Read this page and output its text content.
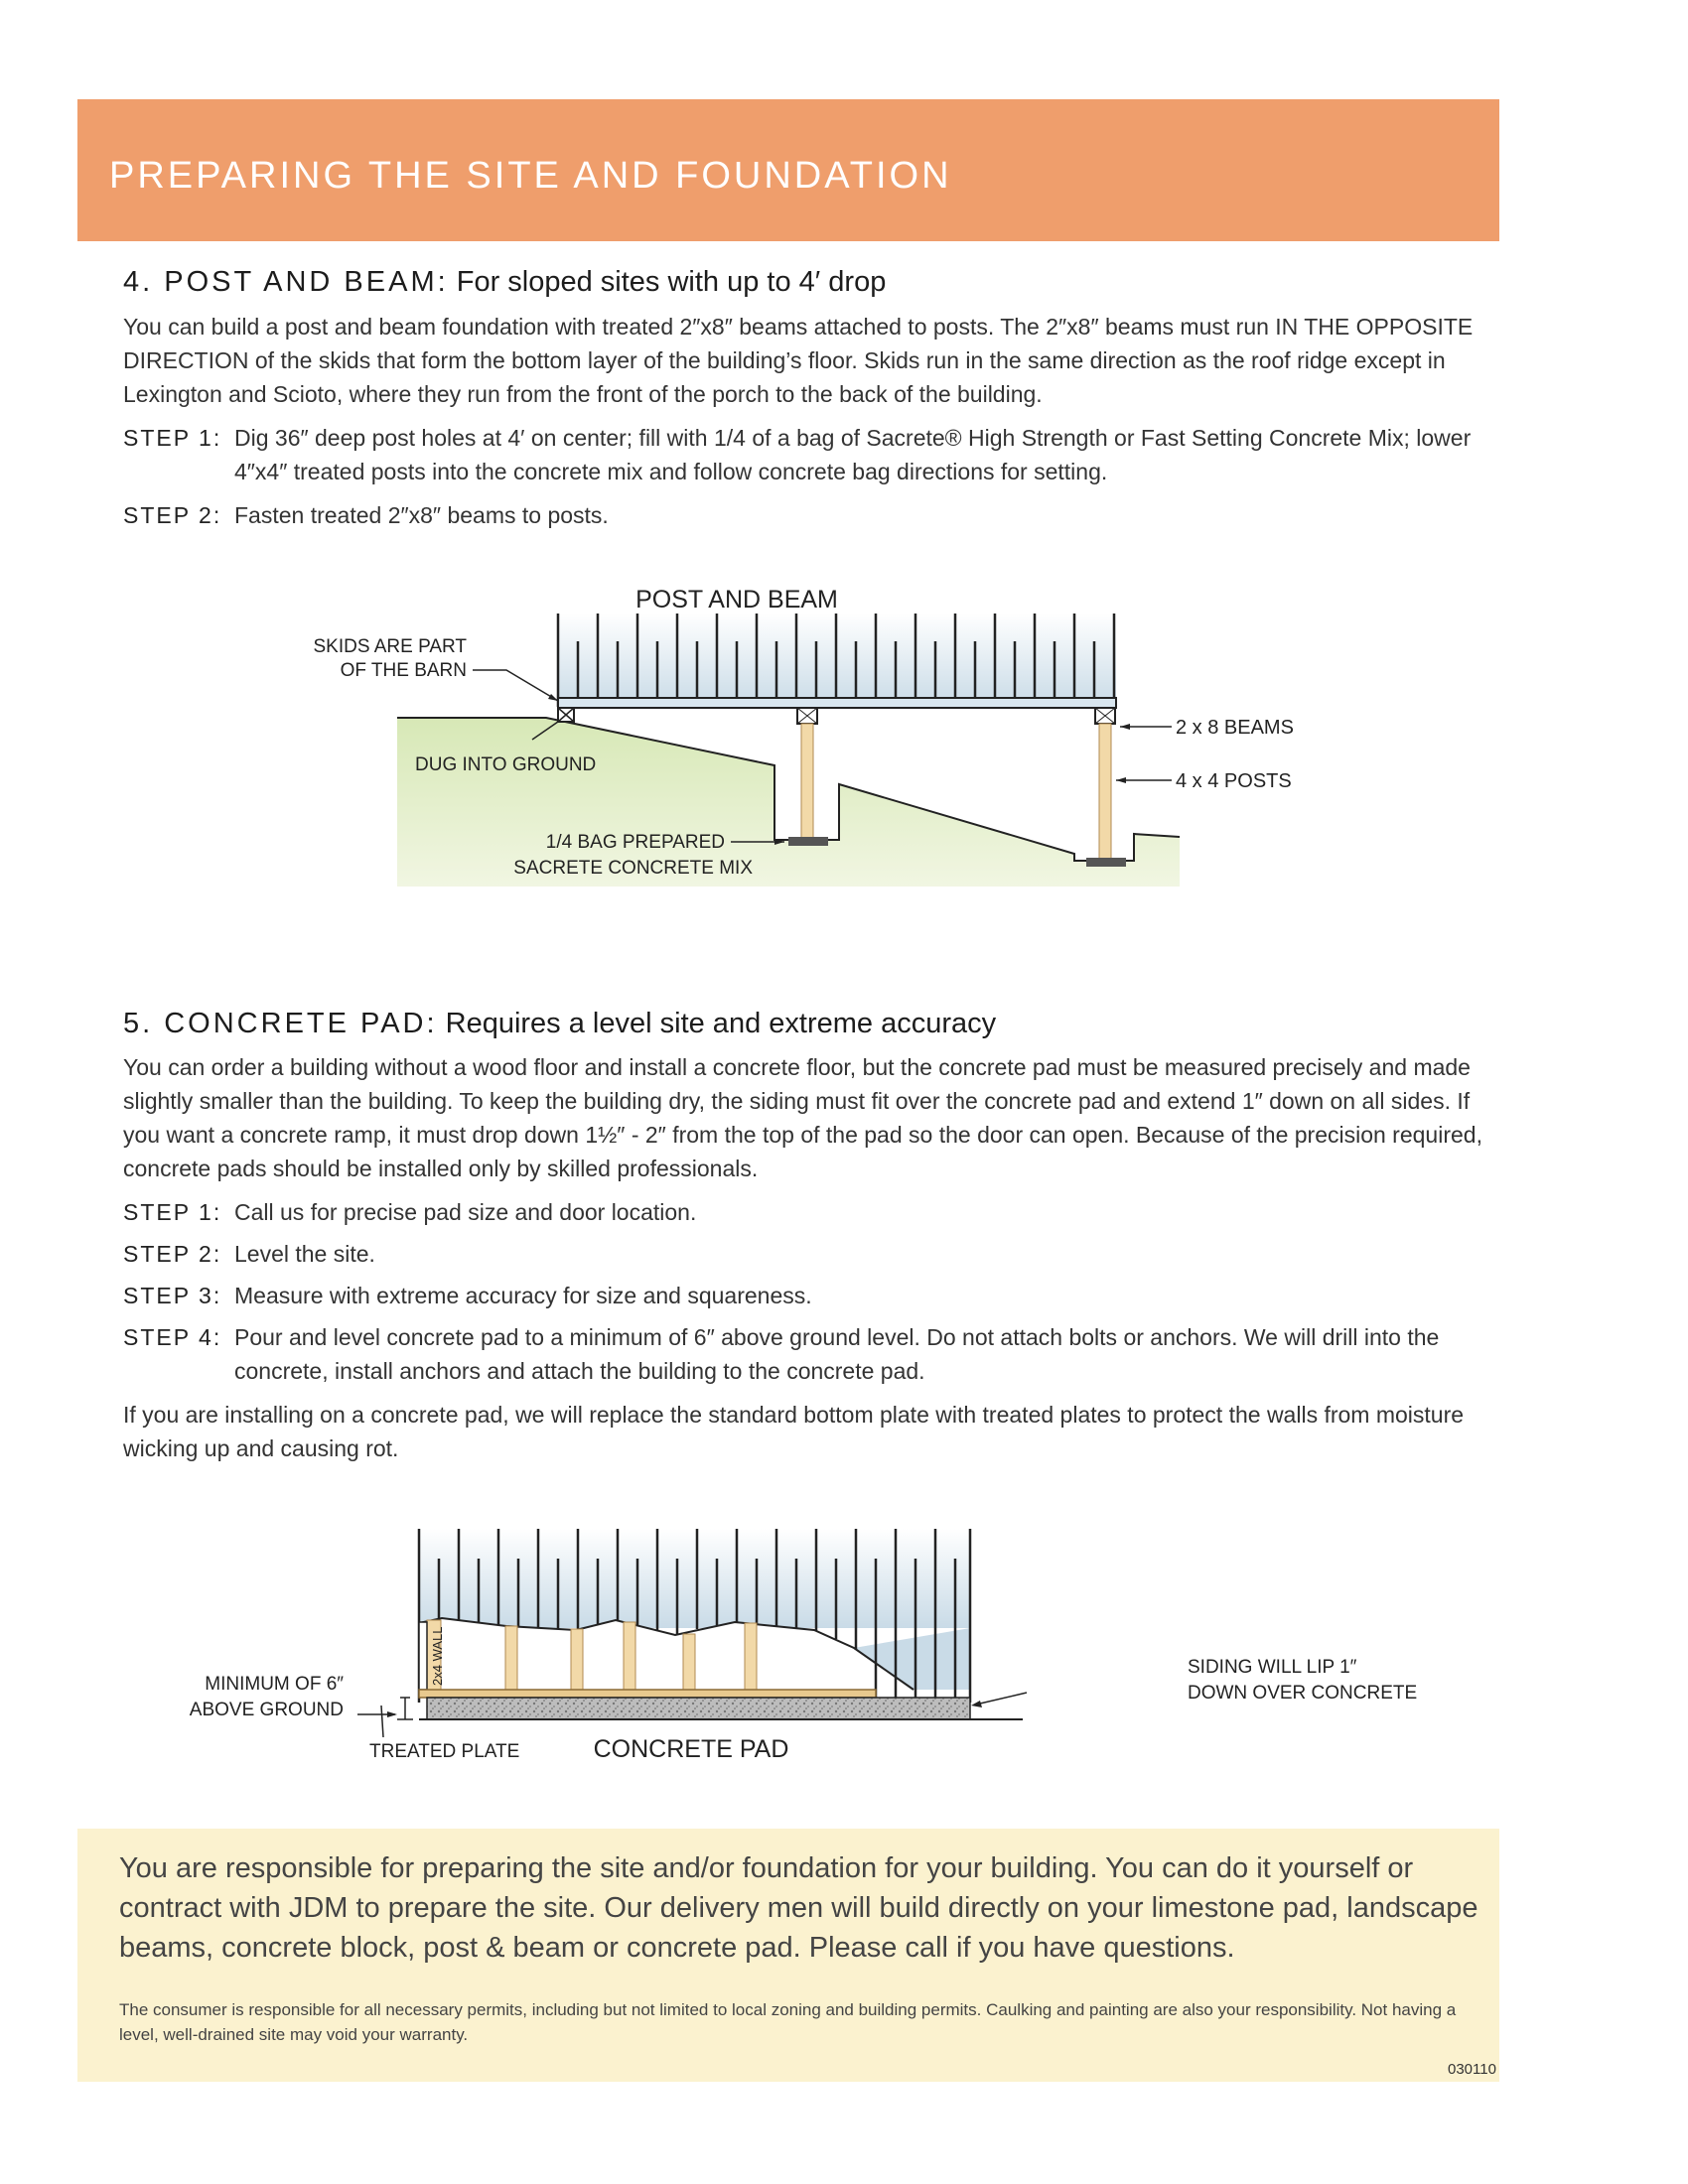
PREPARING THE SITE AND FOUNDATION
4. POST AND BEAM: For sloped sites with up to 4′ drop
You can build a post and beam foundation with treated 2″x8″ beams attached to posts. The 2″x8″ beams must run IN THE OPPOSITE DIRECTION of the skids that form the bottom layer of the building’s floor. Skids run in the same direction as the roof ridge except in Lexington and Scioto, where they run from the front of the porch to the back of the building.
STEP 1: Dig 36″ deep post holes at 4′ on center; fill with 1/4 of a bag of Sacrete® High Strength or Fast Setting Concrete Mix; lower 4″x4″ treated posts into the concrete mix and follow concrete bag directions for setting.
STEP 2: Fasten treated 2″x8″ beams to posts.
POST AND BEAM
SKIDS ARE PART
OF THE BARN
DUG INTO GROUND
2 x 8 BEAMS
4 x 4 POSTS
1/4 BAG PREPARED
SACRETE CONCRETE MIX
5. CONCRETE PAD: Requires a level site and extreme accuracy
You can order a building without a wood floor and install a concrete floor, but the concrete pad must be measured precisely and made slightly smaller than the building. To keep the building dry, the siding must fit over the concrete pad and extend 1″ down on all sides. If you want a concrete ramp, it must drop down 1½″ - 2″ from the top of the pad so the door can open. Because of the precision required, concrete pads should be installed only by skilled professionals.
STEP 1: Call us for precise pad size and door location.
STEP 2: Level the site.
STEP 3: Measure with extreme accuracy for size and squareness.
STEP 4: Pour and level concrete pad to a minimum of 6″ above ground level. Do not attach bolts or anchors. We will drill into the concrete, install anchors and attach the building to the concrete pad.
If you are installing on a concrete pad, we will replace the standard bottom plate with treated plates to protect the walls from moisture wicking up and causing rot.
MINIMUM OF 6″
ABOVE GROUND
2x4 WALL	SIDING WILL LIP 1″
DOWN OVER CONCRETE
TREATED PLATE	CONCRETE PAD
You are responsible for preparing the site and/or foundation for your building. You can do it yourself or contract with JDM to prepare the site. Our delivery men will build directly on your limestone pad, landscape beams, concrete block, post & beam or concrete pad. Please call if you have questions.
The consumer is responsible for all necessary permits, including but not limited to local zoning and building permits. Caulking and painting are also your responsibility. Not having a level, well-drained site may void your warranty.
030110
